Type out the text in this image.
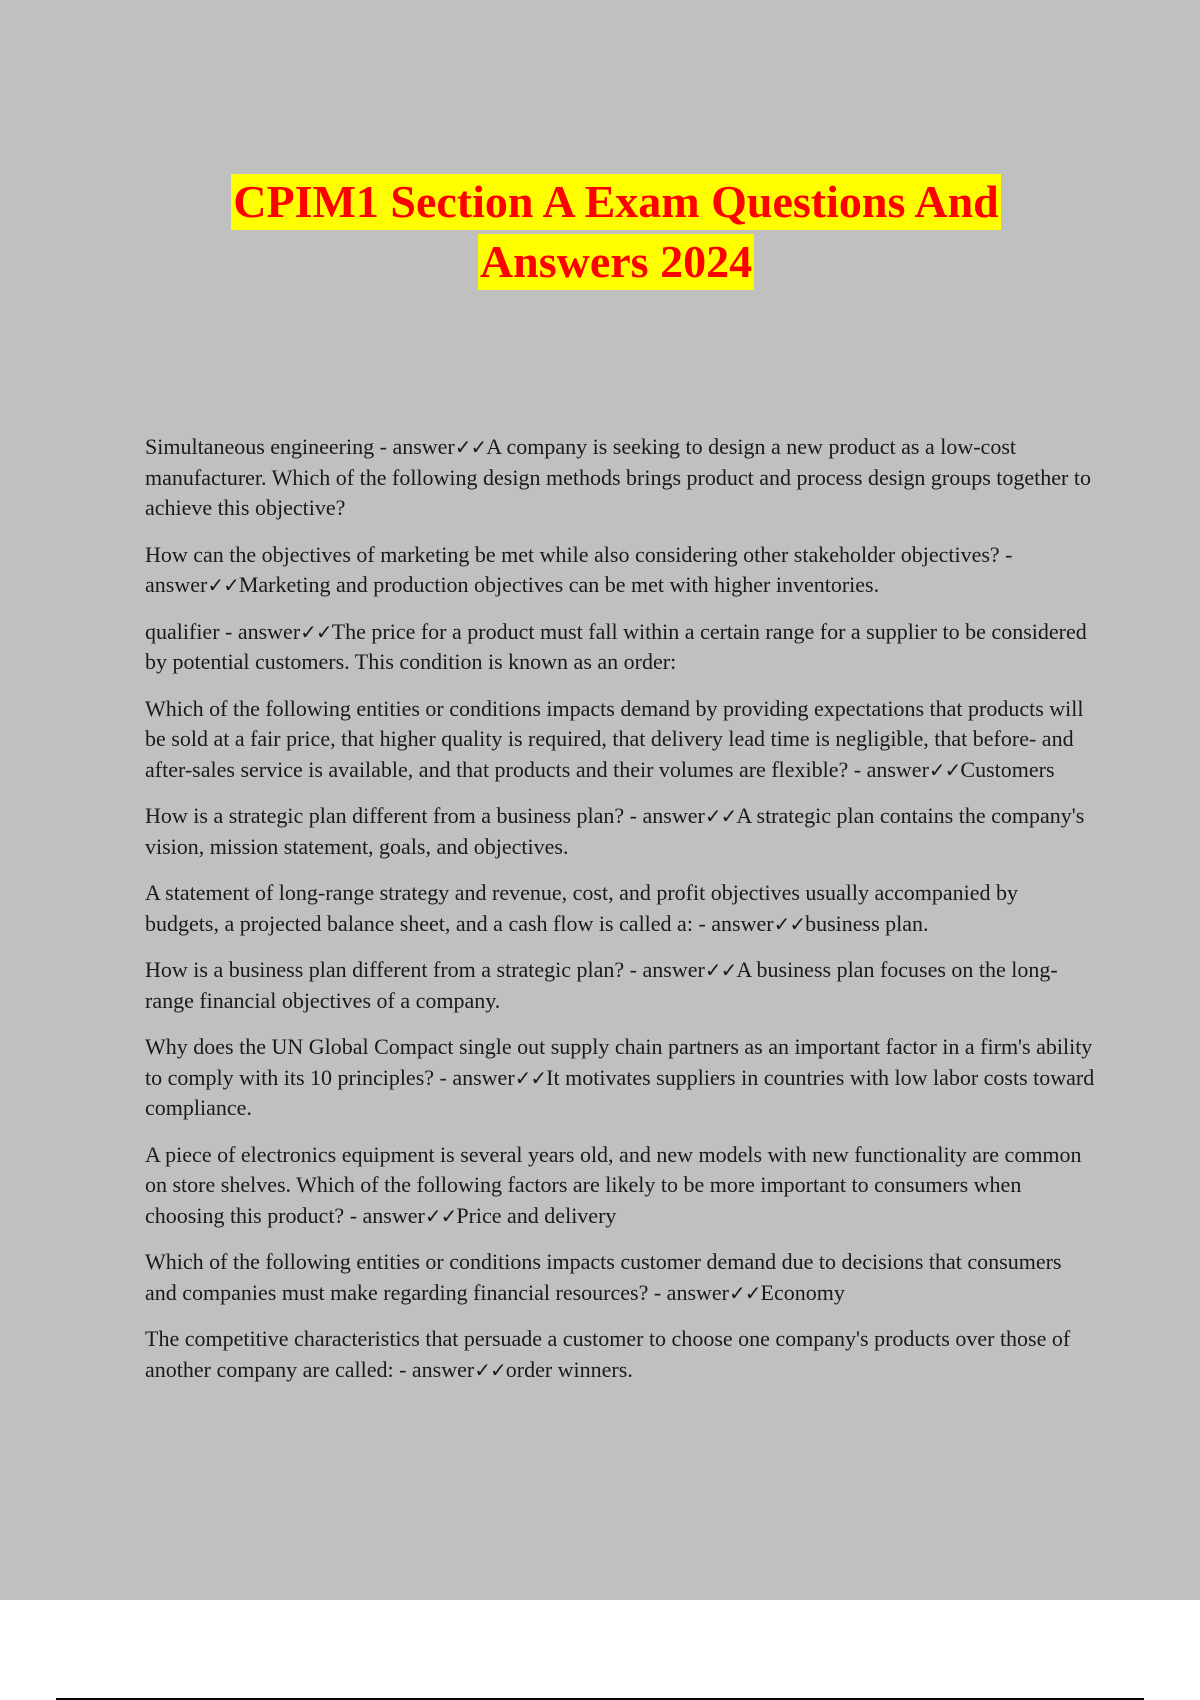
CPIM1 Section A Exam Questions And
Answers 2024

Simultaneous engineering - answer✓✓A company is seeking to design a new product as a low-cost manufacturer. Which of the following design methods brings product and process design groups together to achieve this objective?

How can the objectives of marketing be met while also considering other stakeholder objectives? - answer✓✓Marketing and production objectives can be met with higher inventories.

qualifier - answer✓✓The price for a product must fall within a certain range for a supplier to be considered by potential customers. This condition is known as an order:

Which of the following entities or conditions impacts demand by providing expectations that products will be sold at a fair price, that higher quality is required, that delivery lead time is negligible, that before- and after-sales service is available, and that products and their volumes are flexible? - answer✓✓Customers

How is a strategic plan different from a business plan? - answer✓✓A strategic plan contains the company's vision, mission statement, goals, and objectives.

A statement of long-range strategy and revenue, cost, and profit objectives usually accompanied by budgets, a projected balance sheet, and a cash flow is called a: - answer✓✓business plan.

How is a business plan different from a strategic plan? - answer✓✓A business plan focuses on the long-range financial objectives of a company.

Why does the UN Global Compact single out supply chain partners as an important factor in a firm's ability to comply with its 10 principles? - answer✓✓It motivates suppliers in countries with low labor costs toward compliance.

A piece of electronics equipment is several years old, and new models with new functionality are common on store shelves. Which of the following factors are likely to be more important to consumers when choosing this product? - answer✓✓Price and delivery

Which of the following entities or conditions impacts customer demand due to decisions that consumers and companies must make regarding financial resources? - answer✓✓Economy

The competitive characteristics that persuade a customer to choose one company's products over those of another company are called: - answer✓✓order winners.
